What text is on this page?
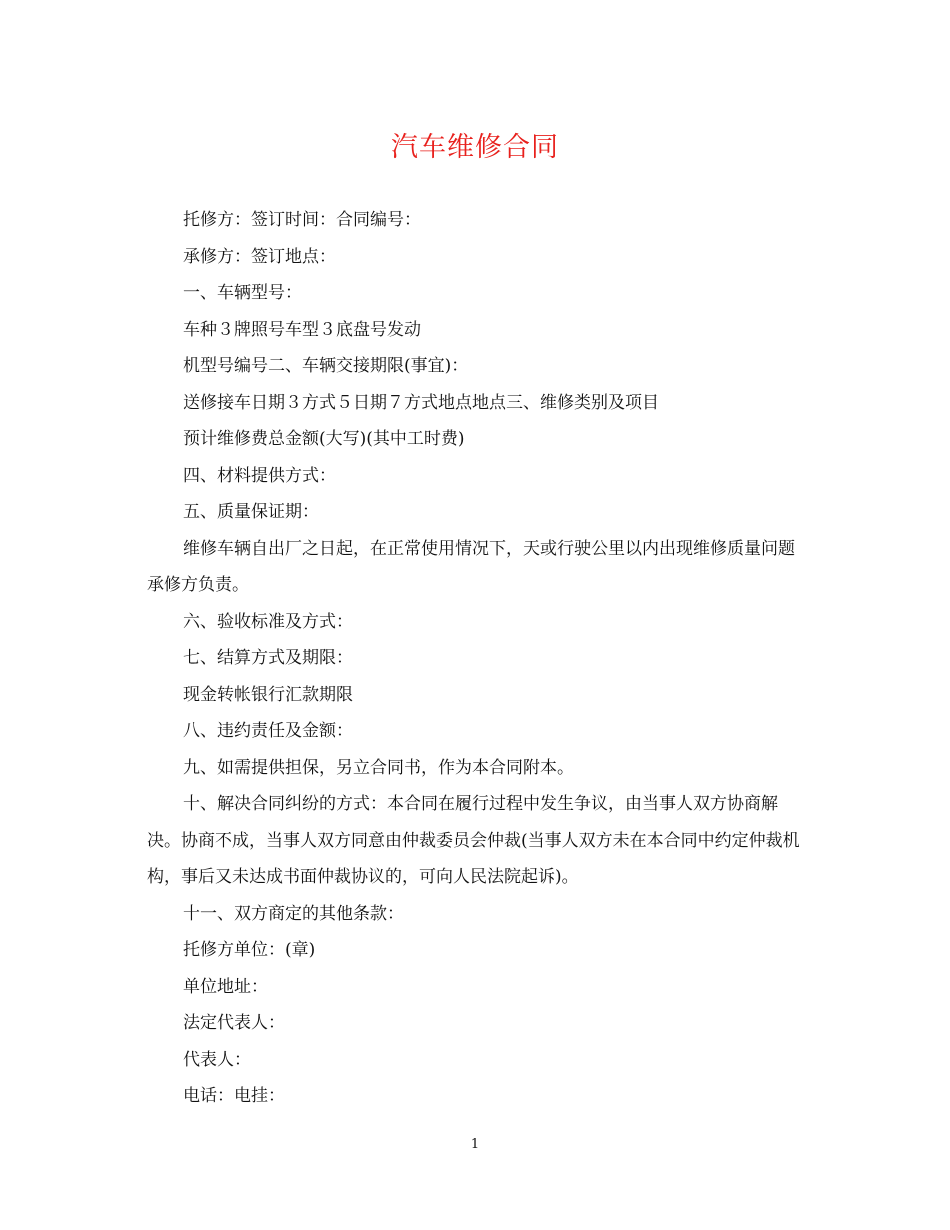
汽车维修合同

托修方：签订时间：合同编号：

承修方：签订地点：

一、车辆型号：

车种３牌照号车型３底盘号发动

机型号编号二、车辆交接期限(事宜)：

送修接车日期３方式５日期７方式地点地点三、维修类别及项目

预计维修费总金额(大写)(其中工时费)

四、材料提供方式：

五、质量保证期：

维修车辆自出厂之日起，在正常使用情况下，天或行驶公里以内出现维修质量问题承修方负责。

六、验收标准及方式：

七、结算方式及期限：

现金转帐银行汇款期限

八、违约责任及金额：

九、如需提供担保，另立合同书，作为本合同附本。

十、解决合同纠纷的方式：本合同在履行过程中发生争议，由当事人双方协商解决。协商不成，当事人双方同意由仲裁委员会仲裁(当事人双方未在本合同中约定仲裁机构，事后又未达成书面仲裁协议的，可向人民法院起诉)。

十一、双方商定的其他条款：

托修方单位：(章)

单位地址：

法定代表人：

代表人：

电话：电挂：

1
